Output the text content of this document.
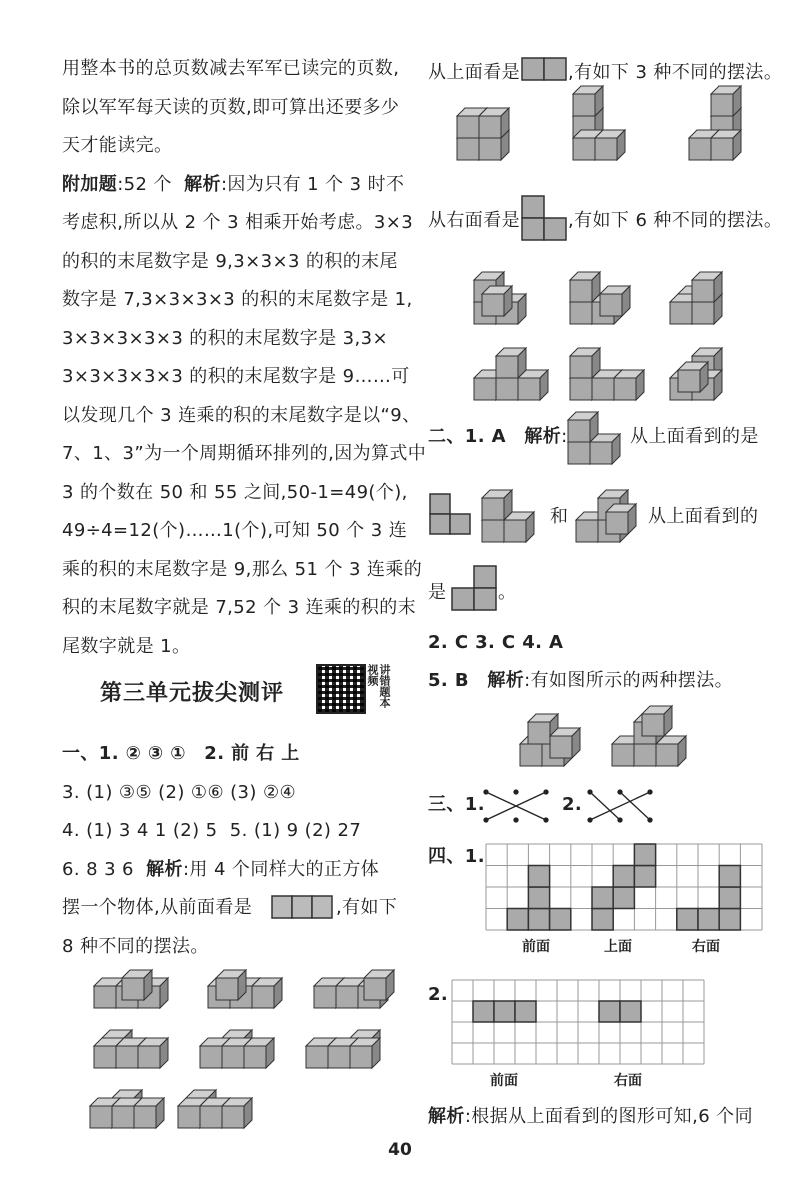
用整本书的总页数减去军军已读完的页数,
除以军军每天读的页数,即可算出还要多少
天才能读完。
附加题:52 个 解析:因为只有 1 个 3 时不
考虑积,所以从 2 个 3 相乘开始考虑。3×3
的积的末尾数字是 9,3×3×3 的积的末尾
数字是 7,3×3×3×3 的积的末尾数字是 1,
3×3×3×3×3 的积的末尾数字是 3,3×
3×3×3×3×3 的积的末尾数字是 9……可
以发现几个 3 连乘的积的末尾数字是以“9、
7、1、3”为一个周期循环排列的,因为算式中
3 的个数在 50 和 55 之间,50-1=49(个),
49÷4=12(个)……1(个),可知 50 个 3 连
乘的积的末尾数字是 9,那么 51 个 3 连乘的
积的末尾数字就是 7,52 个 3 连乘的积的末
尾数字就是 1。
第三单元拔尖测评	讲错题本视频
一、1. ② ③ ① 2. 前 右 上
3. (1) ③⑤ (2) ①⑥ (3) ②④
4. (1) 3 4 1 (2) 5 5. (1) 9 (2) 27
6. 8 3 6 解析:用 4 个同样大的正方体
摆一个物体,从前面看是	,有如下
8 种不同的摆法。
从上面看是	,有如下 3 种不同的摆法。
从右面看是	,有如下 6 种不同的摆法。
二、1. A 解析:	从上面看到的是
和	从上面看到的
是	。
2. C 3. C 4. A
5. B 解析:有如图所示的两种摆法。
三、1.	2.
四、1.
前面	上面	右面
2.
前面	右面
解析:根据从上面看到的图形可知,6 个同
40
